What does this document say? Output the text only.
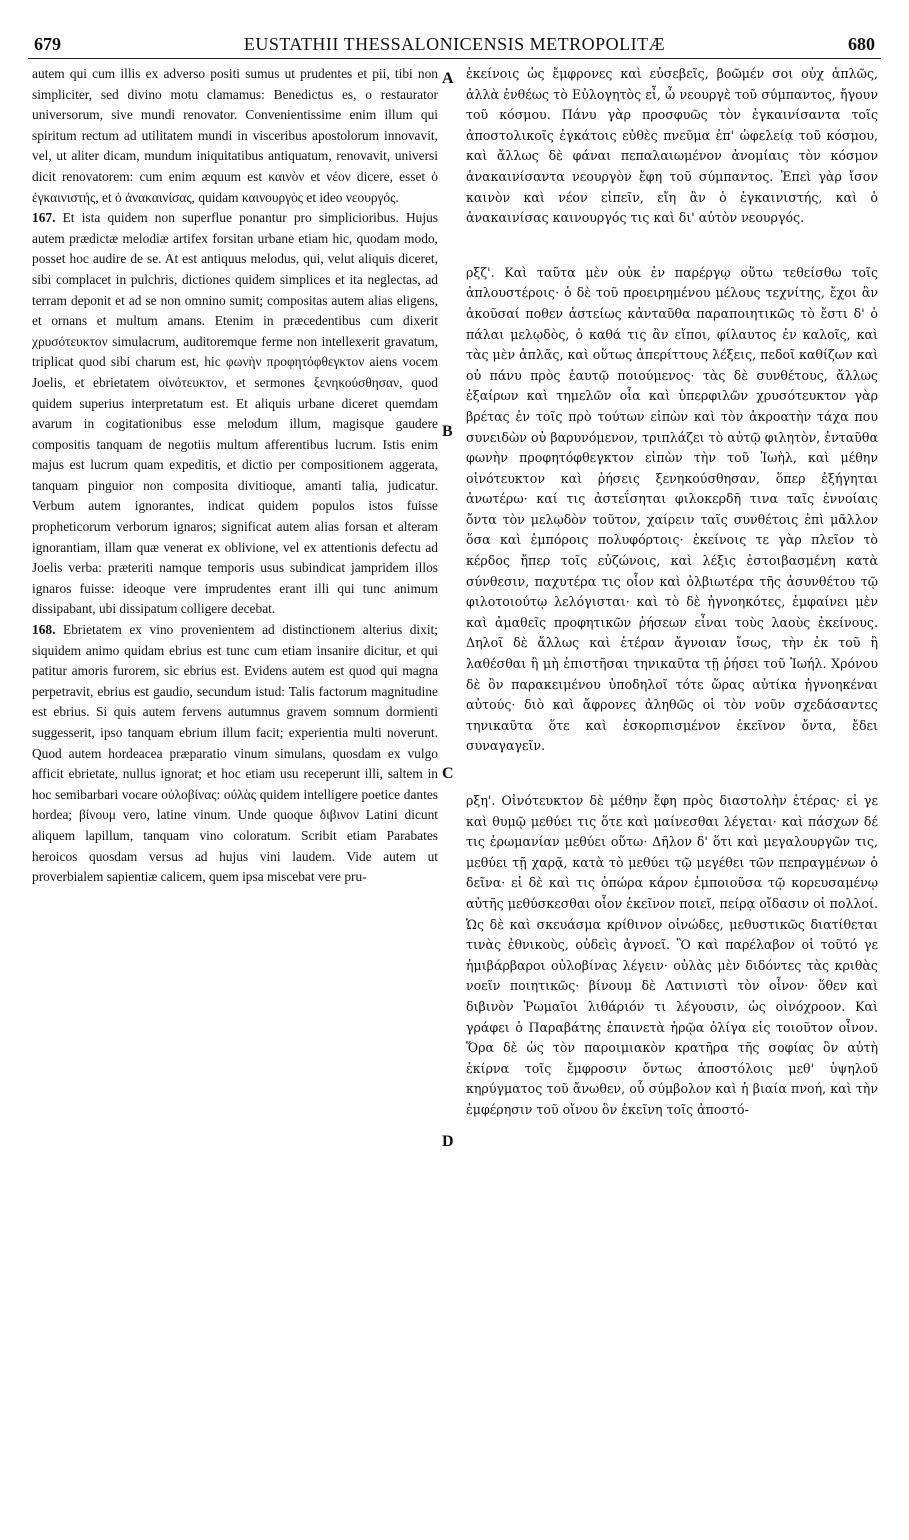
679	EUSTATHII THESSALONICENSIS METROPOLITÆ	680

autem qui cum illis ex adverso positi sumus ut prudentes et pii, tibi non simpliciter, sed divino motu clamamus: Benedictus es, o restaurator universorum, sive mundi renovator. Convenientissime enim illum qui spiritum rectum ad utilitatem mundi in visceribus apostolorum innovavit, vel, ut aliter dicam, mundum iniquitatibus antiquatum, renovavit, universi dicit renovatorem: cum enim æquum est καινὸν et νέον dicere, esset ὁ ἐγκαινιστής, et ὁ ἀνακαινίσας, quidam καινουργὸς et ideo νεουργός.

167. Et ista quidem non superflue ponantur pro simplicioribus. Hujus autem prædictæ melodiæ artifex forsitan urbane etiam hic, quodam modo, posset hoc audire de se. At est antiquus melodus, qui, velut aliquis diceret, sibi complacet in pulchris, dictiones quidem simplices et ita neglectas, ad terram deponit et ad se non omnino sumit; compositas autem alias eligens, et ornans et multum amans. Etenim in præcedentibus cum dixerit χρυσότευκτον simulacrum, auditoremque ferme non intellexerit gravatum, triplicat quod sibi charum est, hic φωνὴν προφητόφθεγκτον aiens vocem Joelis, et ebrietatem οἰνότευκτον, et sermones ξενηκούσθησαν, quod quidem superius interpretatum est. Et aliquis urbane diceret quemdam avarum in cogitationibus esse melodum illum, magisque gaudere compositis tanquam de negotiis multum afferentibus lucrum. Istis enim majus est lucrum quam expeditis, et dictio per compositionem aggerata, tanquam pinguior non composita divitioque, amanti talia, judicatur. Verbum autem ignorantes, indicat quidem populos istos fuisse propheticorum verborum ignaros; significat autem alias forsan et alteram ignorantiam, illam quæ venerat ex oblivione, vel ex attentionis defectu ad Joelis verba: præteriti namque temporis usus subindicat jampridem illos ignaros fuisse: ideoque vere imprudentes erant illi qui tunc animum dissipabant, ubi dissipatum colligere decebat.

168. Ebrietatem ex vino provenientem ad distinctionem alterius dixit; siquidem animo quidam ebrius est tunc cum etiam insanire dicitur, et qui patitur amoris furorem, sic ebrius est. Evidens autem est quod qui magna perpetravit, ebrius est gaudio, secundum istud: Talis factorum magnitudine est ebrius. Si quis autem fervens autumnus gravem somnum dormienti suggesserit, ipso tanquam ebrium illum facit; experientia multi noverunt. Quod autem hordeacea præparatio vinum simulans, quosdam ex vulgo afficit ebrietate, nullus ignorat; et hoc etiam usu receperunt illi, saltem in hoc semibarbari vocare οὐλοβίνας: οὐλὰς quidem intelligere poetice dantes hordea; βίνουμ vero, latine vinum. Unde quoque διβινον Latini dicunt aliquem lapillum, tanquam vino coloratum. Scribit etiam Parabates heroicos quosdam versus ad hujus vini laudem. Vide autem ut proverbialem sapientiæ calicem, quem ipsa miscebat vere pru-

A
B
C
D

ἐκείνοις ὡς ἔμφρονες καὶ εὐσεβεῖς, βοῶμέν σοι οὐχ ἁπλῶς, ἀλλὰ ἐνθέως τὸ Εὐλογητὸς εἶ, ὦ νεουργὲ τοῦ σύμπαντος, ἤγουν τοῦ κόσμου. Πάνυ γὰρ προσφυῶς τὸν ἐγκαινίσαντα τοῖς ἀποστολικοῖς ἐγκάτοις εὐθὲς πνεῦμα ἐπ' ὠφελείᾳ τοῦ κόσμου, καὶ ἄλλως δὲ φάναι πεπαλαιωμένον ἀνομίαις τὸν κόσμον ἀνακαινίσαντα νεουργὸν ἔφη τοῦ σύμπαντος. Ἐπεὶ γὰρ ἴσον καινὸν καὶ νέον εἰπεῖν, εἴη ἂν ὁ ἐγκαινιστής, καὶ ὁ ἀνακαινίσας καινουργός τις καὶ δι' αὐτὸν νεουργός.

ρξζ'. Καὶ ταῦτα μὲν οὐκ ἐν παρέργῳ οὕτω τεθείσθω τοῖς ἁπλουστέροις· ὁ δὲ τοῦ προειρημένου μέλους τεχνίτης, ἔχοι ἂν ἀκοῦσαί ποθεν ἀστείως κἀνταῦθα παραποιητικῶς τὸ ἔστι δ' ὁ πάλαι μελῳδὸς, ὁ καθά τις ἂν εἴποι, φίλαυτος ἐν καλοῖς, καὶ τὰς μὲν ἁπλᾶς, καὶ οὕτως ἀπερίττους λέξεις, πεδοῖ καθίζων καὶ οὐ πάνυ πρὸς ἑαυτῷ ποιούμενος· τὰς δὲ συνθέτους, ἄλλως ἐξαίρων καὶ τημελῶν οἷα καὶ ὑπερφιλῶν χρυσότευκτον γὰρ βρέτας ἐν τοῖς πρὸ τούτων εἰπὼν καὶ τὸν ἀκροατὴν τάχα που συνειδὼν οὐ βαρυνόμενον, τριπλάζει τὸ αὐτῷ φιλητὸν, ἐνταῦθα φωνὴν προφητόφθεγκτον εἰπὼν τὴν τοῦ Ἰωὴλ, καὶ μέθην οἰνότευκτον καὶ ῥήσεις ξενηκούσθησαν, ὅπερ ἐξήγηται ἀνωτέρω· καί τις ἀστεΐσηται φιλοκερδῆ τινα ταῖς ἐννοίαις ὄντα τὸν μελῳδὸν τοῦτον, χαίρειν ταῖς συνθέτοις ἐπὶ μᾶλλον ὅσα καὶ ἐμπόροις πολυφόρτοις· ἐκείνοις τε γὰρ πλεῖον τὸ κέρδος ἤπερ τοῖς εὐζώνοις, καὶ λέξις ἐστοιβασμένη κατὰ σύνθεσιν, παχυτέρα τις οἷον καὶ ὀλβιωτέρα τῆς ἀσυνθέτου τῷ φιλοτοιούτῳ λελόγισται· καὶ τὸ δὲ ἠγνοηκότες, ἐμφαίνει μὲν καὶ ἀμαθεῖς προφητικῶν ῥήσεων εἶναι τοὺς λαοὺς ἐκείνους. Δηλοῖ δὲ ἄλλως καὶ ἑτέραν ἄγνοιαν ἴσως, τὴν ἐκ τοῦ ἢ λαθέσθαι ἢ μὴ ἐπιστῆσαι τηνικαῦτα τῇ ῥήσει τοῦ Ἰωήλ. Χρόνου δὲ ὂν παρακειμένου ὑποδηλοῖ τότε ὥρας αὐτίκα ἠγνοηκέναι αὐτούς· διὸ καὶ ἄφρονες ἀληθῶς οἱ τὸν νοῦν σχεδάσαντες τηνικαῦτα ὅτε καὶ ἐσκορπισμένον ἐκεῖνον ὄντα, ἔδει συναγαγεῖν.

ρξη'. Οἰνότευκτον δὲ μέθην ἔφη πρὸς διαστολὴν ἑτέρας· εἰ γε καὶ θυμῷ μεθύει τις ὅτε καὶ μαίνεσθαι λέγεται· καὶ πάσχων δέ τις ἐρωμανίαν μεθύει οὕτω· Δῆλον δ' ὅτι καὶ μεγαλουργῶν τις, μεθύει τῇ χαρᾷ, κατὰ τὸ μεθύει τῷ μεγέθει τῶν πεπραγμένων ὁ δεῖνα· εἰ δὲ καὶ τις ὀπώρα κάρον ἐμποιοῦσα τῷ κορευσαμένῳ αὐτῆς μεθύσκεσθαι οἷον ἐκεῖνον ποιεῖ, πείρᾳ οἴδασιν οἱ πολλοί. Ὡς δὲ καὶ σκευάσμα κρίθινον οἰνώδες, μεθυστικῶς διατίθεται τινὰς ἐθνικοὺς, οὐδεὶς ἀγνοεῖ. Ὃ καὶ παρέλαβον οἱ τοῦτό γε ἡμιβάρβαροι οὐλοβίνας λέγειν· οὐλὰς μὲν διδόντες τὰς κριθὰς νοεῖν ποιητικῶς· βίνουμ δὲ Λατινιστὶ τὸν οἶνον· ὅθεν καὶ διβινὸν Ῥωμαῖοι λιθάριόν τι λέγουσιν, ὡς οἰνόχροον. Καὶ γράφει ὁ Παραβάτης ἐπαινετὰ ἡρῷα ὀλίγα εἰς τοιοῦτον οἶνον. Ὅρα δὲ ὡς τὸν παροιμιακὸν κρατῆρα τῆς σοφίας ὃν αὐτὴ ἐκίρνα τοῖς ἔμφροσιν ὄντως ἀποστόλοις μεθ' ὑψηλοῦ κηρύγματος τοῦ ἄνωθεν, οὗ σύμβολον καὶ ἡ βιαία πνοή, καὶ τὴν ἐμφέρησιν τοῦ οἴνου ὃν ἐκεῖνη τοῖς ἀποστό-
